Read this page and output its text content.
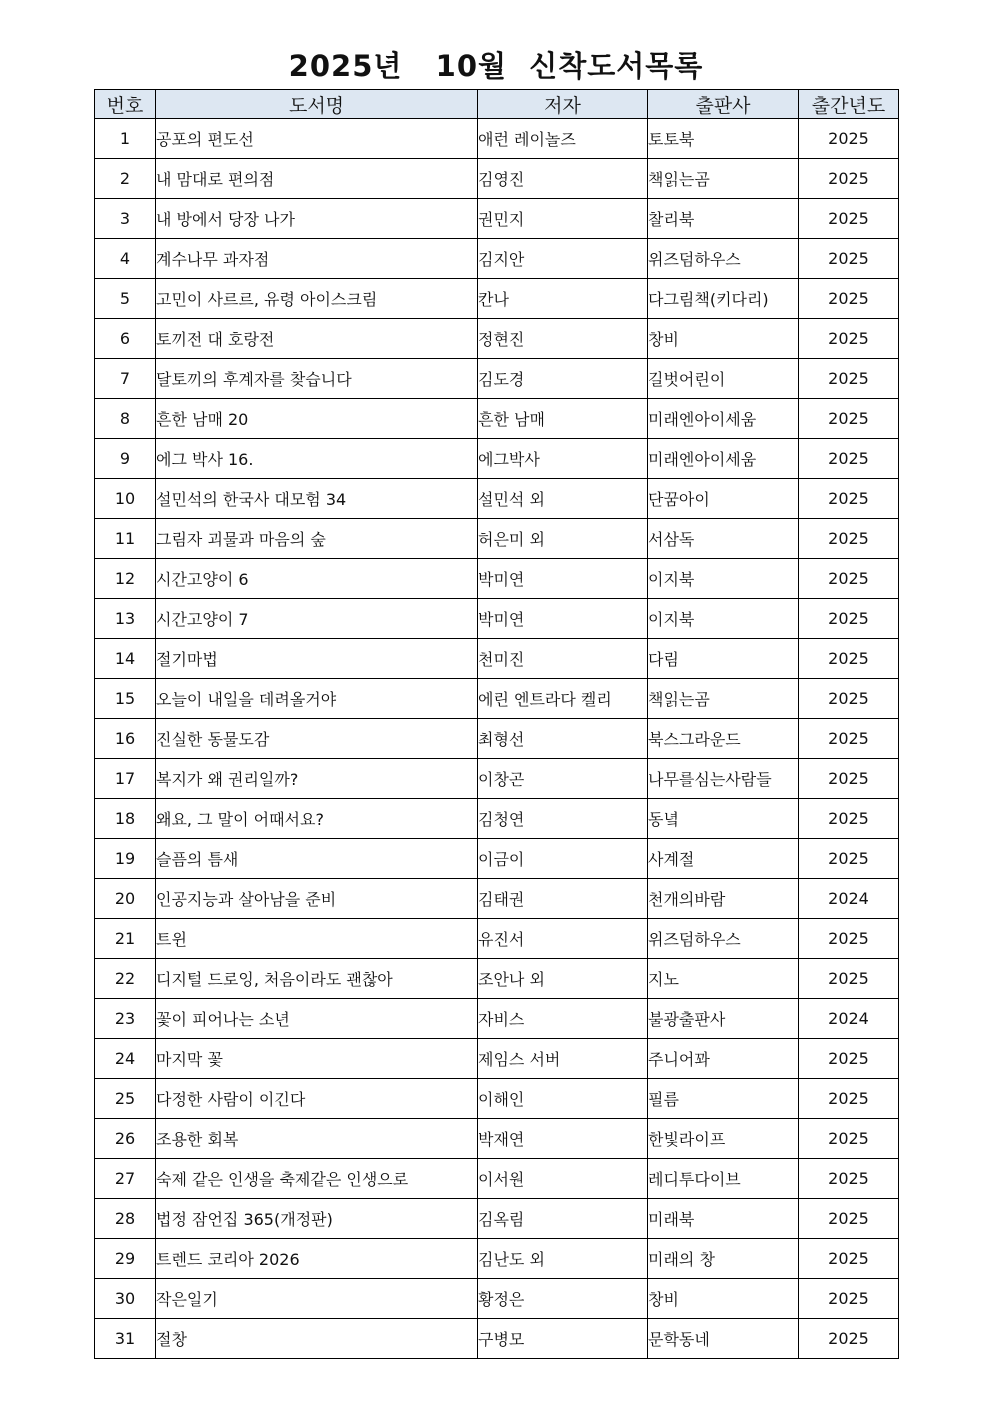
2025년   10월  신착도서목록
번호	도서명	저자	출판사	출간년도
1	공포의 편도선	애런 레이놀즈	토토북	2025
2	내 맘대로 편의점	김영진	책읽는곰	2025
3	내 방에서 당장 나가	권민지	찰리북	2025
4	계수나무 과자점	김지안	위즈덤하우스	2025
5	고민이 사르르, 유령 아이스크림	칸나	다그림책(키다리)	2025
6	토끼전 대 호랑전	정현진	창비	2025
7	달토끼의 후계자를 찾습니다	김도경	길벗어린이	2025
8	흔한 남매 20	흔한 남매	미래엔아이세움	2025
9	에그 박사 16.	에그박사	미래엔아이세움	2025
10	설민석의 한국사 대모험 34	설민석 외	단꿈아이	2025
11	그림자 괴물과 마음의 숲	허은미 외	서삼독	2025
12	시간고양이 6	박미연	이지북	2025
13	시간고양이 7	박미연	이지북	2025
14	절기마법	천미진	다림	2025
15	오늘이 내일을 데려올거야	에린 엔트라다 켈리	책읽는곰	2025
16	진실한 동물도감	최형선	북스그라운드	2025
17	복지가 왜 권리일까?	이창곤	나무를심는사람들	2025
18	왜요, 그 말이 어때서요?	김청연	동녘	2025
19	슬픔의 틈새	이금이	사계절	2025
20	인공지능과 살아남을 준비	김태권	천개의바람	2024
21	트윈	유진서	위즈덤하우스	2025
22	디지털 드로잉, 처음이라도 괜찮아	조안나 외	지노	2025
23	꽃이 피어나는 소년	자비스	불광출판사	2024
24	마지막 꽃	제임스 서버	주니어꽈	2025
25	다정한 사람이 이긴다	이해인	필름	2025
26	조용한 회복	박재연	한빛라이프	2025
27	숙제 같은 인생을 축제같은 인생으로	이서원	레디투다이브	2025
28	법정 잠언집 365(개정판)	김옥림	미래북	2025
29	트렌드 코리아 2026	김난도 외	미래의 창	2025
30	작은일기	황정은	창비	2025
31	절창	구병모	문학동네	2025
